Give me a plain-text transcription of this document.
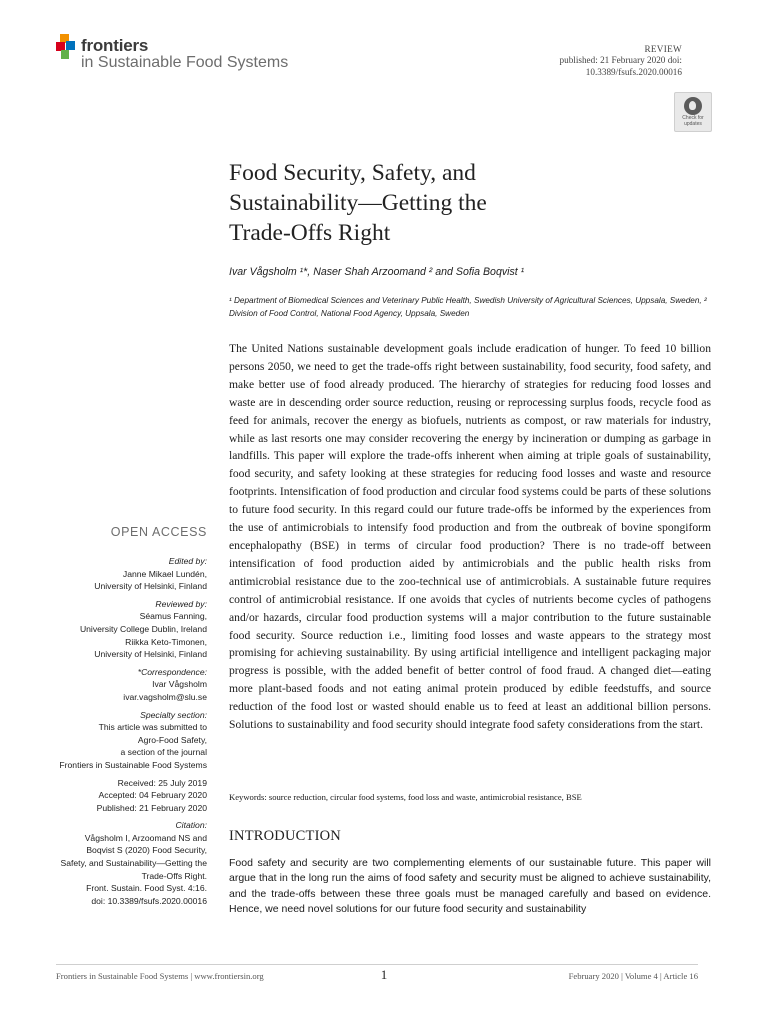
frontiers
in Sustainable Food Systems
REVIEW
published: 21 February 2020 doi:
10.3389/fsufs.2020.00016
Check for updates
Food Security, Safety, and
Sustainability—Getting the
Trade-Offs Right
Ivar Vågsholm ¹*, Naser Shah Arzoomand ² and Sofia Boqvist ¹
¹ Department of Biomedical Sciences and Veterinary Public Health, Swedish University of Agricultural Sciences, Uppsala, Sweden, ² Division of Food Control, National Food Agency, Uppsala, Sweden

The United Nations sustainable development goals include eradication of hunger. To feed 10 billion persons 2050, we need to get the trade-offs right between sustainability, food security, food safety, and make better use of food already produced. The hierarchy of strategies for reducing food losses and waste are in descending order source reduction, reusing or reprocessing surplus foods, recycle food as feed for animals, recover the energy as biofuels, nutrients as compost, or raw materials for industry, while as last resorts one may consider recovering the energy by incineration or dumping as garbage in landfills. This paper will explore the trade-offs inherent when aiming at triple goals of sustainability, food security, and safety looking at these strategies for reducing food losses and waste and resource footprints. Intensification of food production and circular food systems could be parts of these solutions to future food security. In this regard could our future trade-offs be informed by the experiences from the use of antimicrobials to intensify food production and from the outbreak of bovine spongiform encephalopathy (BSE) in terms of circular food production? There is no trade-off between intensification of food production aided by antimicrobials and the public health risks from antimicrobial resistance due to the zoo-technical use of antimicrobials. A sustainable future requires control of antimicrobial resistance. If one avoids that cycles of nutrients become cycles of pathogens and/or hazards, circular food production systems will a major contribution to the future sustainable food security. Source reduction i.e., limiting food losses and waste appears to the strategy most promising for achieving sustainability. By using artificial intelligence and intelligent packaging major progress is possible, with the added benefit of better control of food fraud. A changed diet—eating more plant-based foods and not eating animal protein produced by edible feedstuffs, and source reduction of the food lost or wasted should enable us to feed at least an additional billion persons. Solutions to sustainability and food security should integrate food safety considerations from the start.

Keywords: source reduction, circular food systems, food loss and waste, antimicrobial resistance, BSE
INTRODUCTION

Food safety and security are two complementing elements of our sustainable future. This paper will argue that in the long run the aims of food safety and security must be aligned to achieve sustainability, and the trade-offs between these three goals must be managed carefully and based on evidence. Hence, we need novel solutions for our future food security and sustainability

OPEN ACCESS
Edited by:
Janne Mikael Lundén,
University of Helsinki, Finland
Reviewed by:
Séamus Fanning,
University College Dublin, Ireland
Riikka Keto-Timonen,
University of Helsinki, Finland
*Correspondence:
Ivar Vågsholm
ivar.vagsholm@slu.se
Specialty section:
This article was submitted to
Agro-Food Safety,
a section of the journal
Frontiers in Sustainable Food Systems
Received: 25 July 2019
Accepted: 04 February 2020
Published: 21 February 2020
Citation:
Vågsholm I, Arzoomand NS and
Boqvist S (2020) Food Security,
Safety, and Sustainability—Getting the
Trade-Offs Right.
Front. Sustain. Food Syst. 4:16.
doi: 10.3389/fsufs.2020.00016
Frontiers in Sustainable Food Systems | www.frontiersin.org	1	February 2020 | Volume 4 | Article 16
